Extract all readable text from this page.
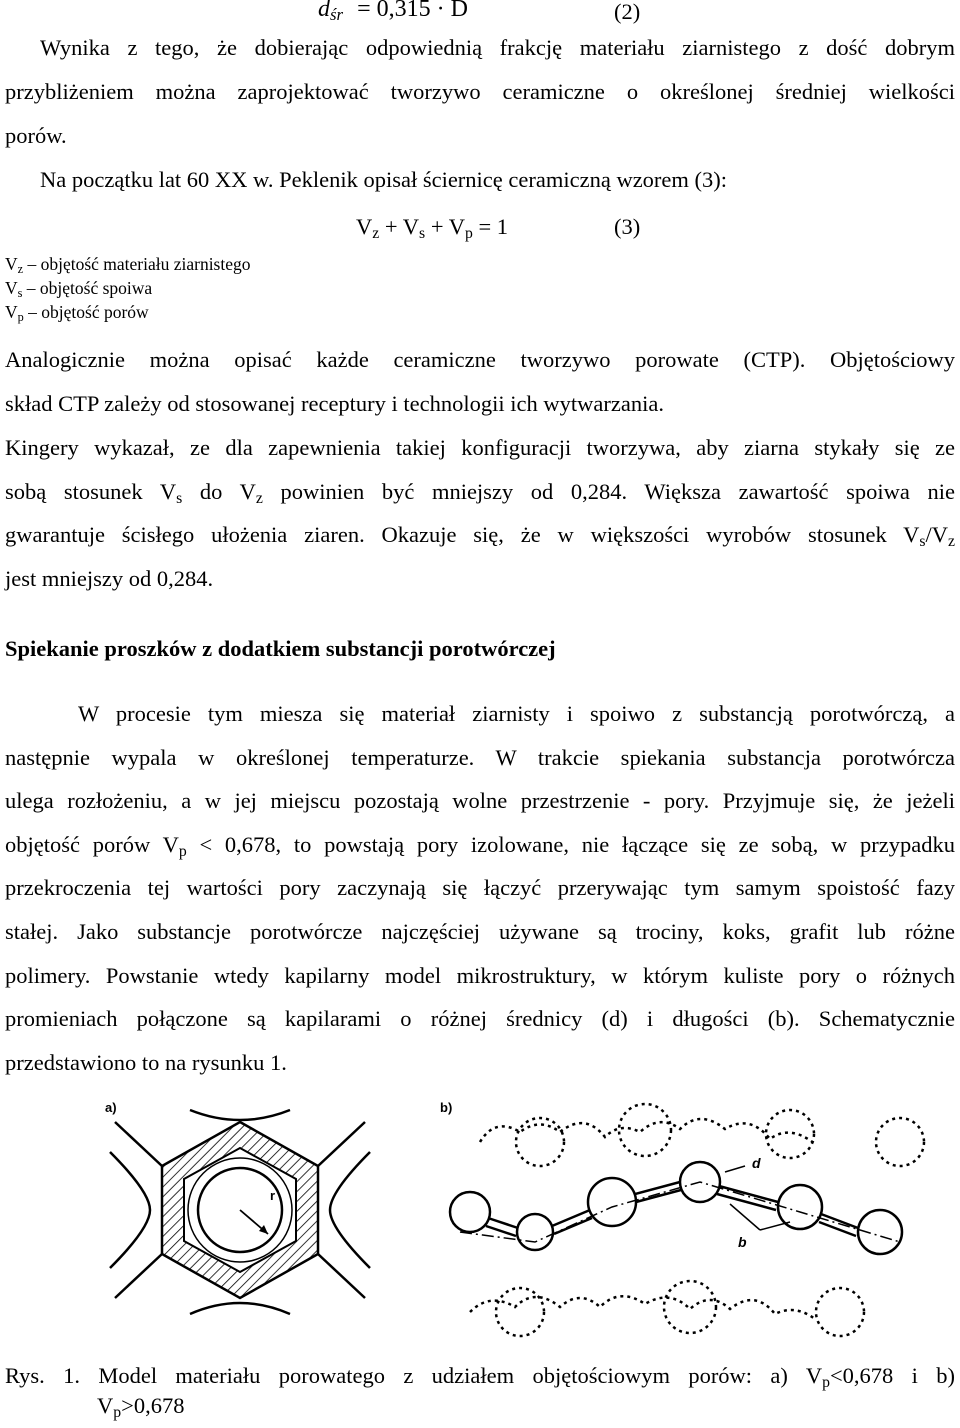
$d_{śr} = 0,315 \cdot D$	(2)
Wynika z tego, że dobierając odpowiednią frakcję materiału ziarnistego z dość dobrym
przybliżeniem można zaprojektować tworzywo ceramiczne o określonej średniej wielkości
porów.
Na początku lat 60 XX w. Peklenik opisał ściernicę ceramiczną wzorem (3):
$V_z + V_s + V_p = 1$	(3)
$V_z$ – objętość materiału ziarnistego
$V_s$ – objętość spoiwa
$V_p$ – objętość porów
Analogicznie można opisać każde ceramiczne tworzywo porowate (CTP). Objętościowy
skład CTP zależy od stosowanej receptury i technologii ich wytwarzania.
Kingery wykazał, ze dla zapewnienia takiej konfiguracji tworzywa, aby ziarna stykały się ze
sobą stosunek $V_s$ do $V_z$ powinien być mniejszy od 0,284. Większa zawartość spoiwa nie
gwarantuje ścisłego ułożenia ziaren. Okazuje się, że w większości wyrobów stosunek $V_s/V_z$
jest mniejszy od 0,284.
Spiekanie proszków z dodatkiem substancji porotwórczej
W procesie tym miesza się materiał ziarnisty i spoiwo z substancją porotwórczą, a
następnie wypala w określonej temperaturze. W trakcie spiekania substancja porotwórcza
ulega rozłożeniu, a w jej miejscu pozostają wolne przestrzenie - pory. Przyjmuje się, że jeżeli
objętość porów $V_p < 0,678$, to powstają pory izolowane, nie łączące się ze sobą, w przypadku
przekroczenia tej wartości pory zaczynają się łączyć przerywając tym samym spoistość fazy
stałej. Jako substancje porotwórcze najczęściej używane są trociny, koks, grafit lub różne
polimery. Powstanie wtedy kapilarny model mikrostruktury, w którym kuliste pory o różnych
promieniach połączone są kapilarami o różnej średnicy (d) i długości (b). Schematycznie
przedstawiono to na rysunku 1.
a)
r
b)
d
b
Rys. 1. Model materiału porowatego z udziałem objętościowym porów: a) $V_p<0,678$ i b)
$V_p>0,678$
